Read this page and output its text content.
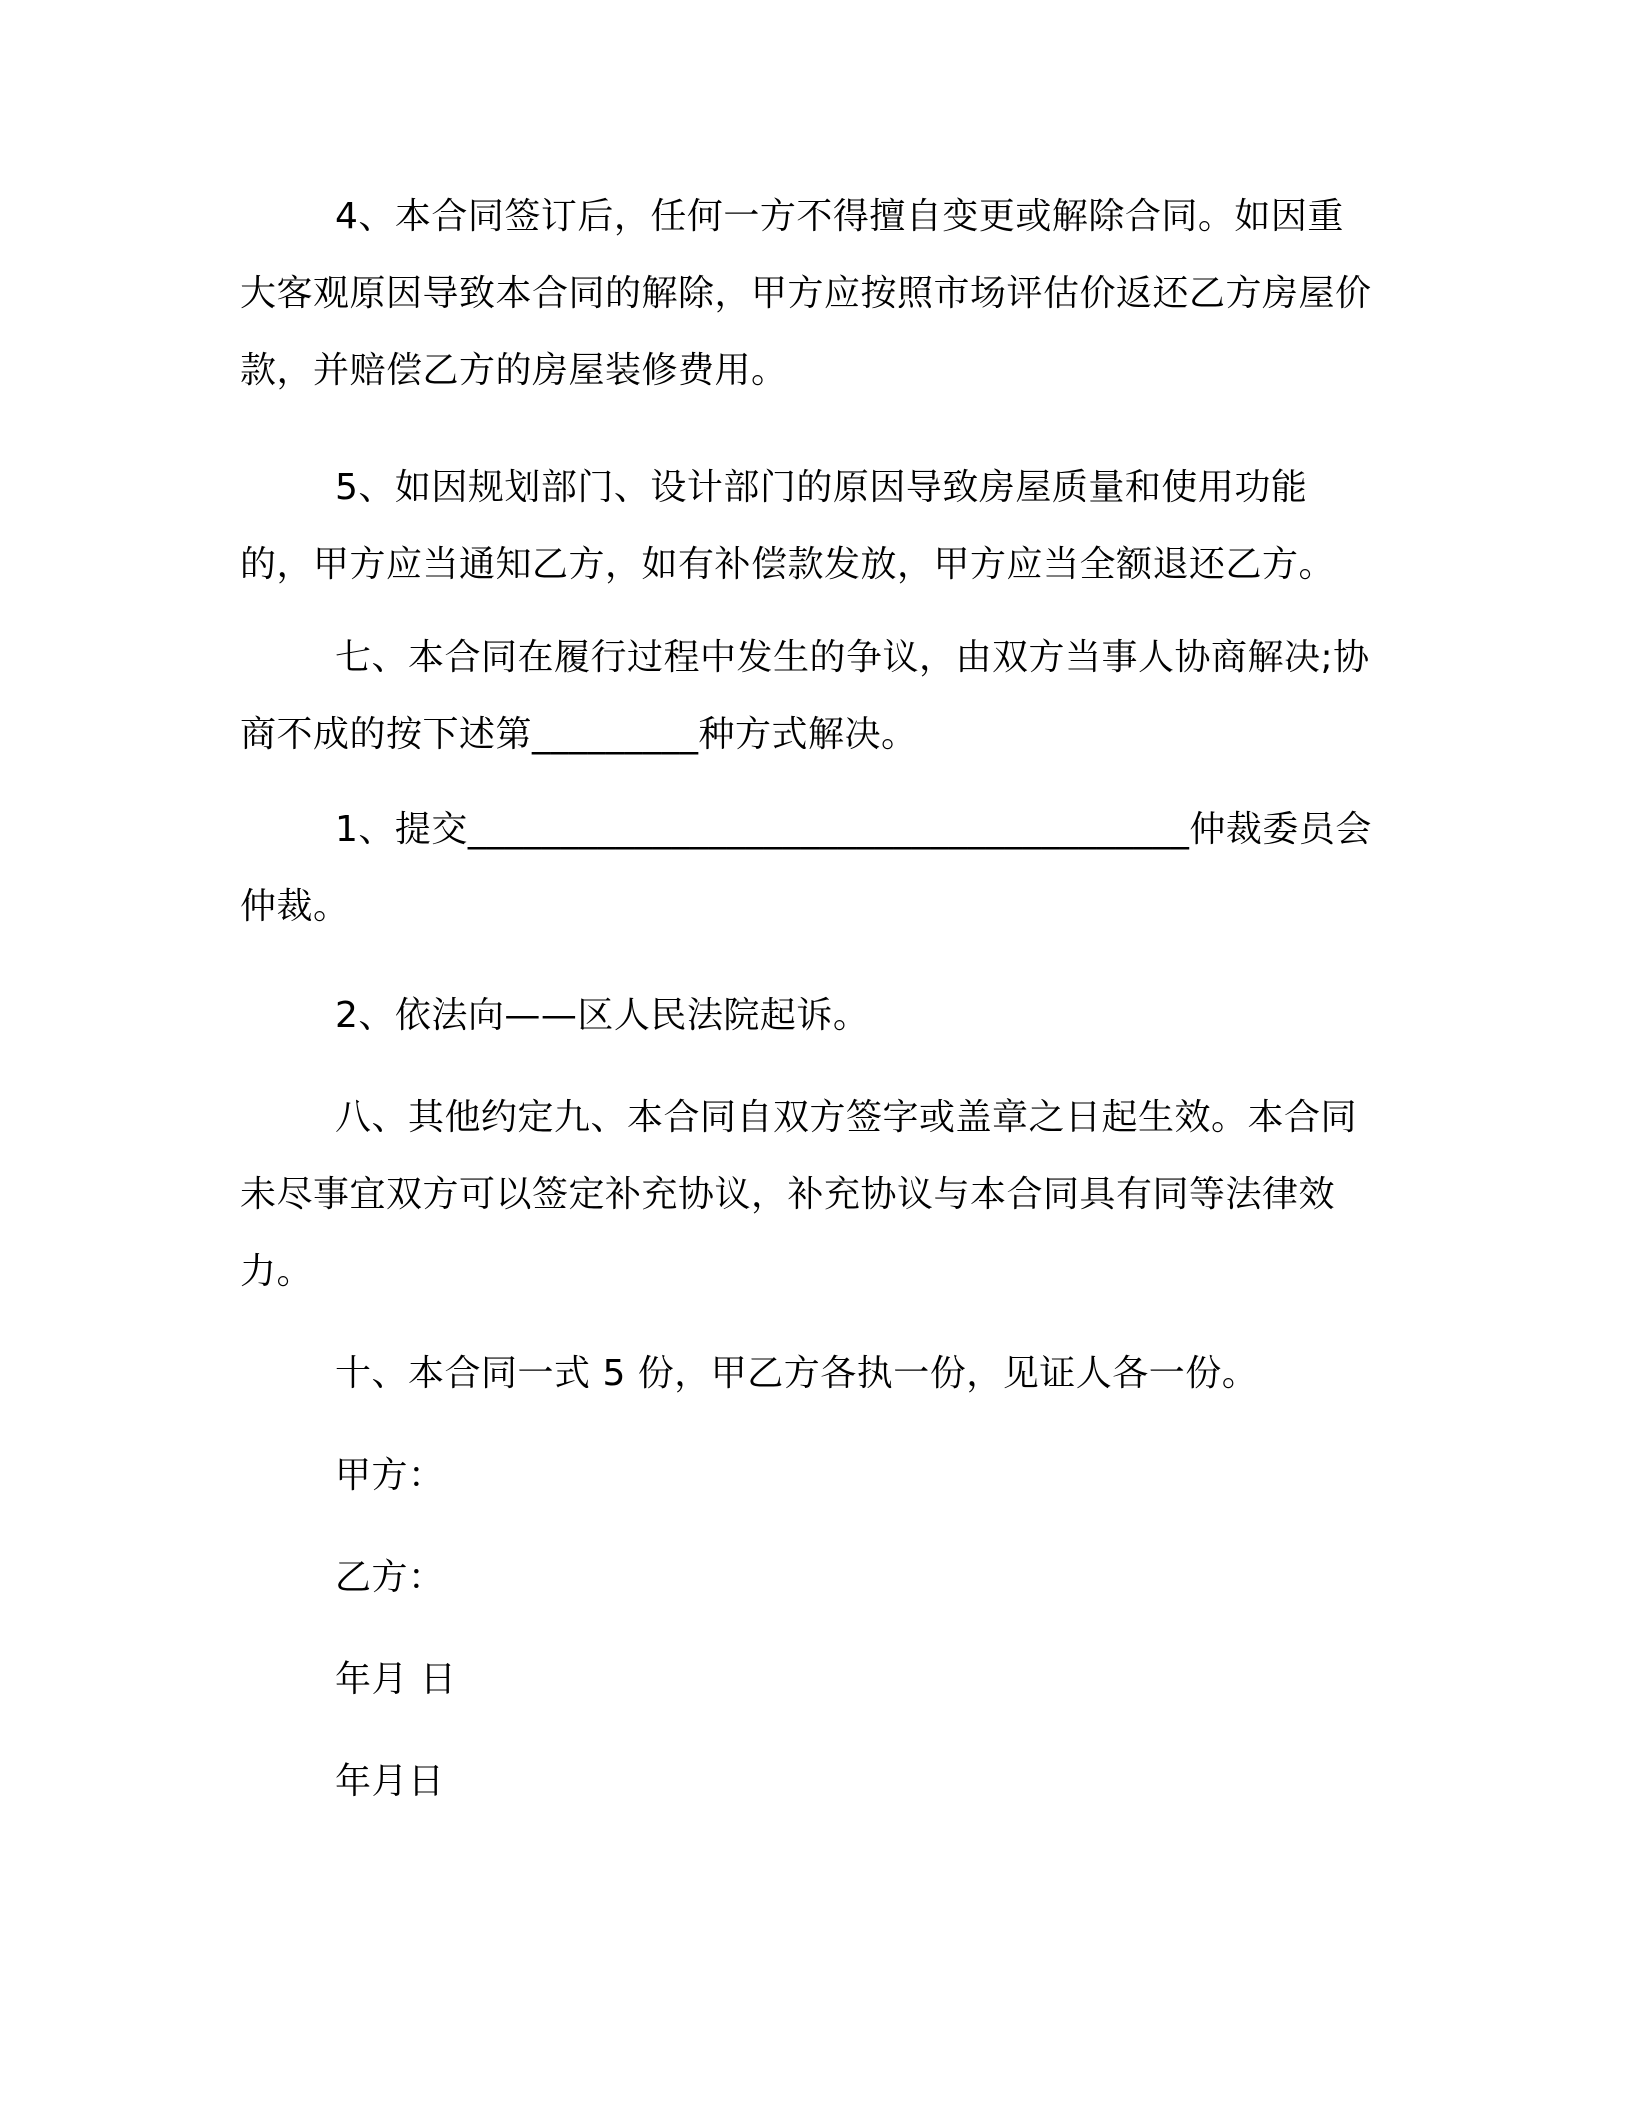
4、本合同签订后，任何一方不得擅自变更或解除合同。如因重大客观原因导致本合同的解除，甲方应按照市场评估价返还乙方房屋价款，并赔偿乙方的房屋装修费用。

5、如因规划部门、设计部门的原因导致房屋质量和使用功能的，甲方应当通知乙方，如有补偿款发放，甲方应当全额退还乙方。

七、本合同在履行过程中发生的争议，由双方当事人协商解决;协商不成的按下述第_________种方式解决。

1、提交_______________________________________仲裁委员会仲裁。

2、依法向——区人民法院起诉。

八、其他约定九、本合同自双方签字或盖章之日起生效。本合同未尽事宜双方可以签定补充协议，补充协议与本合同具有同等法律效力。

十、本合同一式 5 份，甲乙方各执一份，见证人各一份。

甲方：

乙方：

年月 日

年月日
